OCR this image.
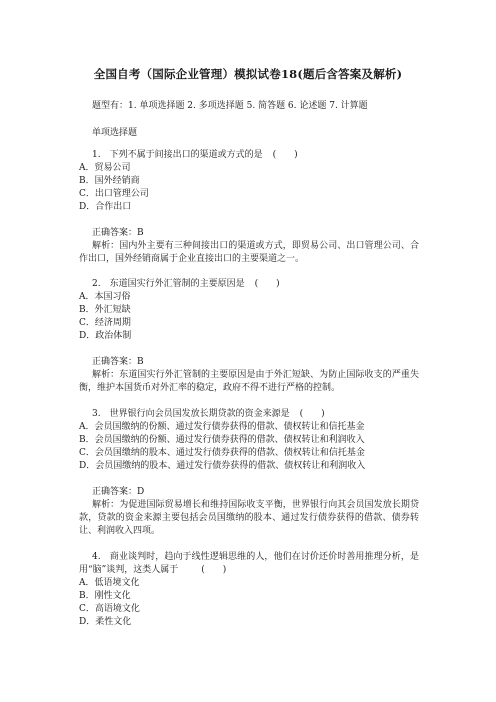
全国自考（国际企业管理）模拟试卷18(题后含答案及解析)
题型有：1. 单项选择题 2. 多项选择题 5. 简答题 6. 论述题 7. 计算题
单项选择题
1.　下列不属于间接出口的渠道或方式的是 (　　)
A．贸易公司
B．国外经销商
C．出口管理公司
D．合作出口
正确答案：B
解析：国内外主要有三种间接出口的渠道或方式，即贸易公司、出口管理公司、合作出口，国外经销商属于企业直接出口的主要渠道之一。
2.　东道国实行外汇管制的主要原因是 (　　)
A．本国习俗
B．外汇短缺
C．经济周期
D．政治体制
正确答案：B
解析：东道国实行外汇管制的主要原因是由于外汇短缺、为防止国际收支的严重失衡，维护本国货币对外汇率的稳定，政府不得不进行严格的控制。
3.　世界银行向会员国发放长期贷款的资金来源是 (　　)
A．会员国缴纳的份额、通过发行债券获得的借款、债权转让和信托基金
B．会员国缴纳的份额、通过发行债券获得的借款、债权转让和利润收入
C．会员国缴纳的股本、通过发行债券获得的借款、债权转让和信托基金
D．会员国缴纳的股本、通过发行债券获得的借款、债权转让和利润收入
正确答案：D
解析：为促进国际贸易增长和维持国际收支平衡，世界银行向其会员国发放长期贷款，贷款的资金来源主要包括会员国缴纳的股本、通过发行债券获得的借款、债券转让、利润收入四项。
4.　商业谈判时，趋向于线性逻辑思维的人，他们在讨价还价时善用推理分析，是用“脑”谈判，这类人属于	(　　)
A．低语境文化
B．刚性文化
C．高语境文化
D．柔性文化
